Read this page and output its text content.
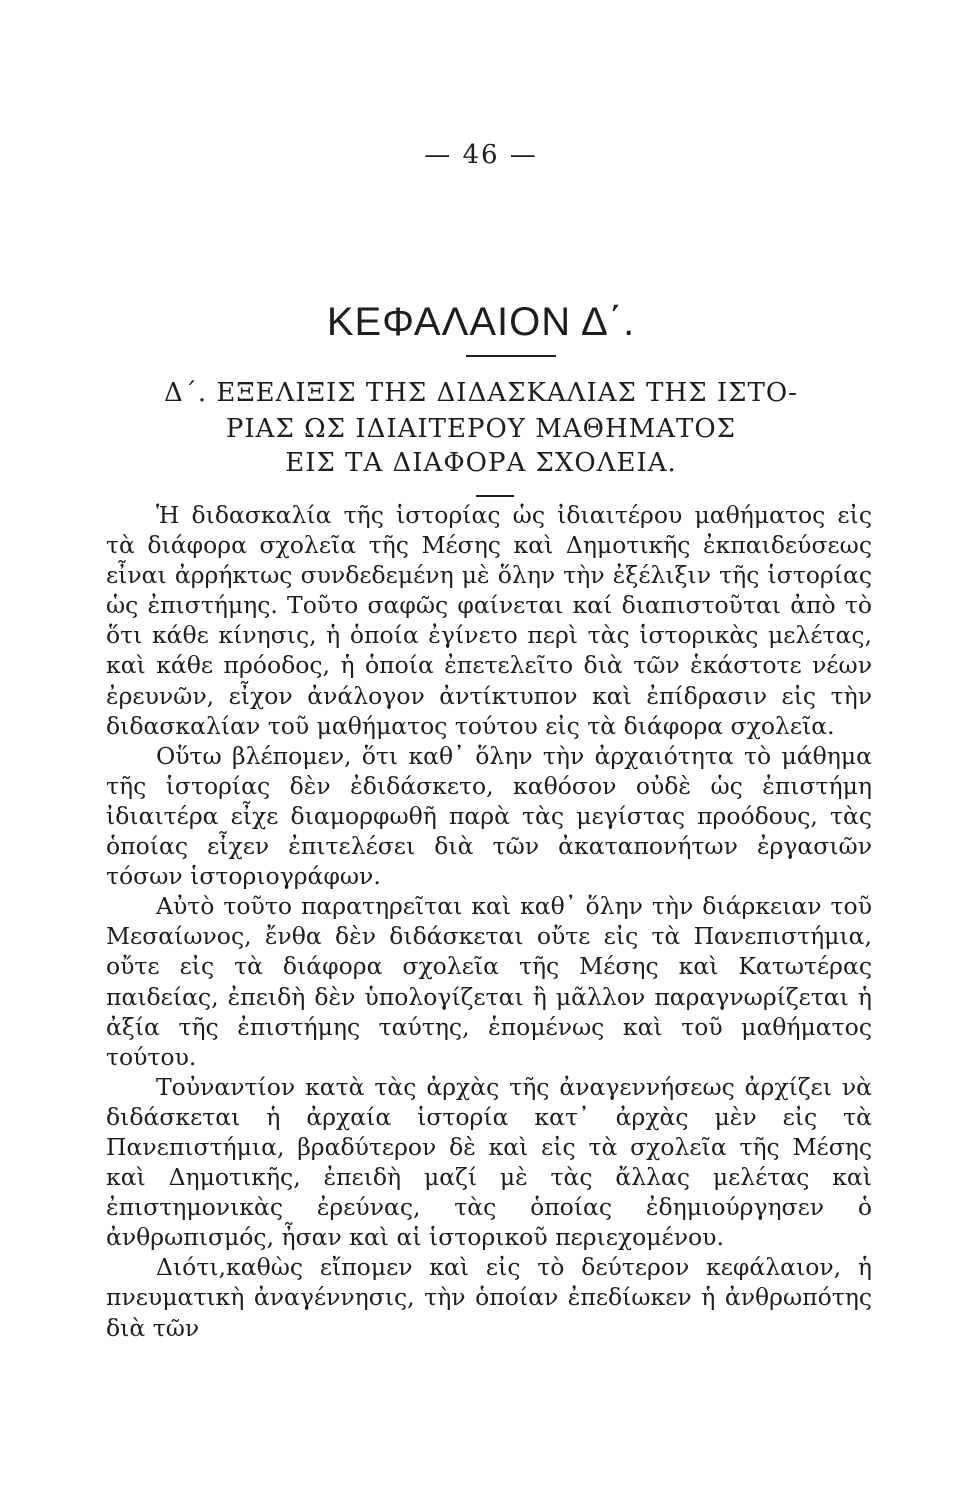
— 46 —
ΚΕΦΑΛΑΙΟΝ Δ΄.
Δ΄. ΕΞΕΛΙΞΙΣ ΤΗΣ ΔΙΔΑΣΚΑΛΙΑΣ ΤΗΣ ΙΣΤΟ-
ΡΙΑΣ ΩΣ ΙΔΙΑΙΤΕΡΟΥ ΜΑΘΗΜΑΤΟΣ
ΕΙΣ ΤΑ ΔΙΑΦΟΡΑ ΣΧΟΛΕΙΑ.

Ἡ διδασκαλία τῆς ἱστορίας ὡς ἰδιαιτέρου μαθήματος εἰς τὰ διάφορα σχολεῖα τῆς Μέσης καὶ Δημοτικῆς ἐκπαιδεύσεως εἶναι ἀρρήκτως συνδεδεμένη μὲ ὅλην τὴν ἐξέλιξιν τῆς ἱστορίας ὡς ἐπιστήμης. Τοῦτο σαφῶς φαίνεται καί διαπιστοῦται ἀπὸ τὸ ὅτι κάθε κίνησις, ἡ ὁποία ἐγίνετο περὶ τὰς ἱστορικὰς μελέτας, καὶ κάθε πρόοδος, ἡ ὁποία ἐπετελεῖτο διὰ τῶν ἑκάστοτε νέων ἐρευνῶν, εἶχον ἀνάλογον ἀντίκτυπον καὶ ἐπίδρασιν εἰς τὴν διδασκαλίαν τοῦ μαθήματος τούτου εἰς τὰ διάφορα σχολεῖα.

Οὕτω βλέπομεν, ὅτι καθ᾽ ὅλην τὴν ἀρχαιότητα τὸ μάθημα τῆς ἱστορίας δὲν ἐδιδάσκετο, καθόσον οὐδὲ ὡς ἐπιστήμη ἰδιαιτέρα εἶχε διαμορφωθῆ παρὰ τὰς μεγίστας προόδους, τὰς ὁποίας εἶχεν ἐπιτελέσει διὰ τῶν ἀκαταπονήτων ἐργασιῶν τόσων ἱστοριογράφων.

Αὐτὸ τοῦτο παρατηρεῖται καὶ καθ᾽ ὅλην τὴν διάρκειαν τοῦ Μεσαίωνος, ἔνθα δὲν διδάσκεται οὔτε εἰς τὰ Πανεπιστήμια, οὔτε εἰς τὰ διάφορα σχολεῖα τῆς Μέσης καὶ Κατωτέρας παιδείας, ἐπειδὴ δὲν ὑπολογίζεται ἢ μᾶλλον παραγνωρίζεται ἡ ἀξία τῆς ἐπιστήμης ταύτης, ἑπομένως καὶ τοῦ μαθήματος τούτου.

Τοὐναντίον κατὰ τὰς ἀρχὰς τῆς ἀναγεννήσεως ἀρχίζει νὰ διδάσκεται ἡ ἀρχαία ἱστορία κατ᾽ ἀρχὰς μὲν εἰς τὰ Πανεπιστήμια, βραδύτερον δὲ καὶ εἰς τὰ σχολεῖα τῆς Μέσης καὶ Δημοτικῆς, ἐπειδὴ μαζί μὲ τὰς ἄλλας μελέτας καὶ ἐπιστημονικὰς ἐρεύνας, τὰς ὁποίας ἐδημιούργησεν ὁ ἀνθρωπισμός, ἦσαν καὶ αἱ ἱστορικοῦ περιεχομένου.

Διότι,καθὼς εἴπομεν καὶ εἰς τὸ δεύτερον κεφάλαιον, ἡ πνευματικὴ ἀναγέννησις, τὴν ὁποίαν ἐπεδίωκεν ἡ ἀνθρωπότης διὰ τῶν
